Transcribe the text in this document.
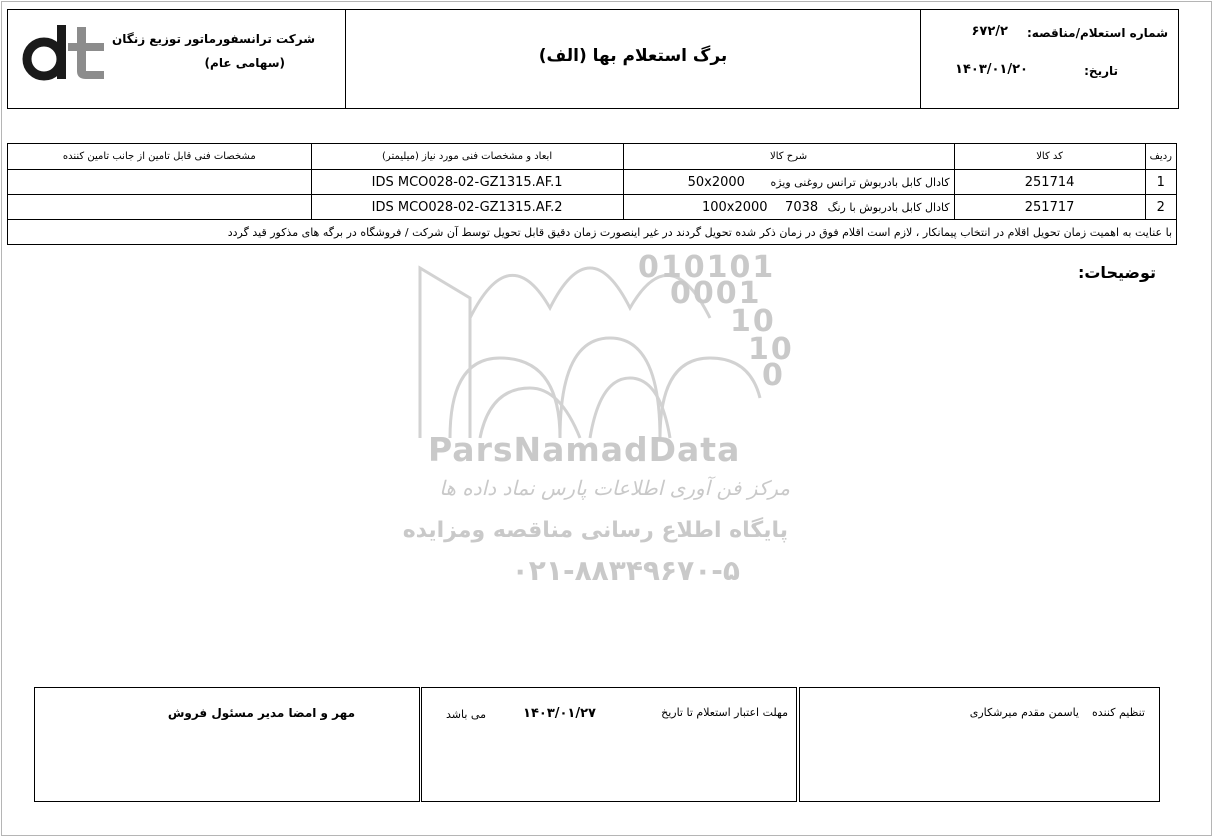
شماره استعلام/مناقصه:
۶۷۲/۲
تاریخ:
۱۴۰۳/۰۱/۲۰
برگ استعلام بها (الف)
شرکت ترانسفورماتور توزیع زنگان
(سهامی عام)
ردیف	کد کالا	شرح کالا	ابعاد و مشخصات فنی مورد نیاز (میلیمتر)	مشخصات فنی قابل تامین از جانب تامین کننده
1	251714	کادال کابل بادربوش ترانس روغنی ویژه 50x2000	IDS MCO028-02-GZ1315.AF.1	
2	251717	کادال کابل بادربوش با رنگ 7038 100x2000	IDS MCO028-02-GZ1315.AF.2	
با عنایت به اهمیت زمان تحویل اقلام در انتخاب پیمانکار ، لازم است اقلام فوق در زمان ذکر شده تحویل گردند در غیر اینصورت زمان دقیق قابل تحویل توسط آن شرکت / فروشگاه در برگه های مذکور قید گردد				
010101
0001
10
10
0
ParsNamadData
مرکز فن آوری اطلاعات پارس نماد داده ها
پایگاه اطلاع رسانی مناقصه ومزایده
۰۲۱-۸۸۳۴۹۶۷۰-۵
توضیحات:
تنظیم کننده
یاسمن مقدم میرشکاری
مهلت اعتبار استعلام تا تاریخ
۱۴۰۳/۰۱/۲۷
می باشد
مهر و امضا مدیر مسئول فروش
